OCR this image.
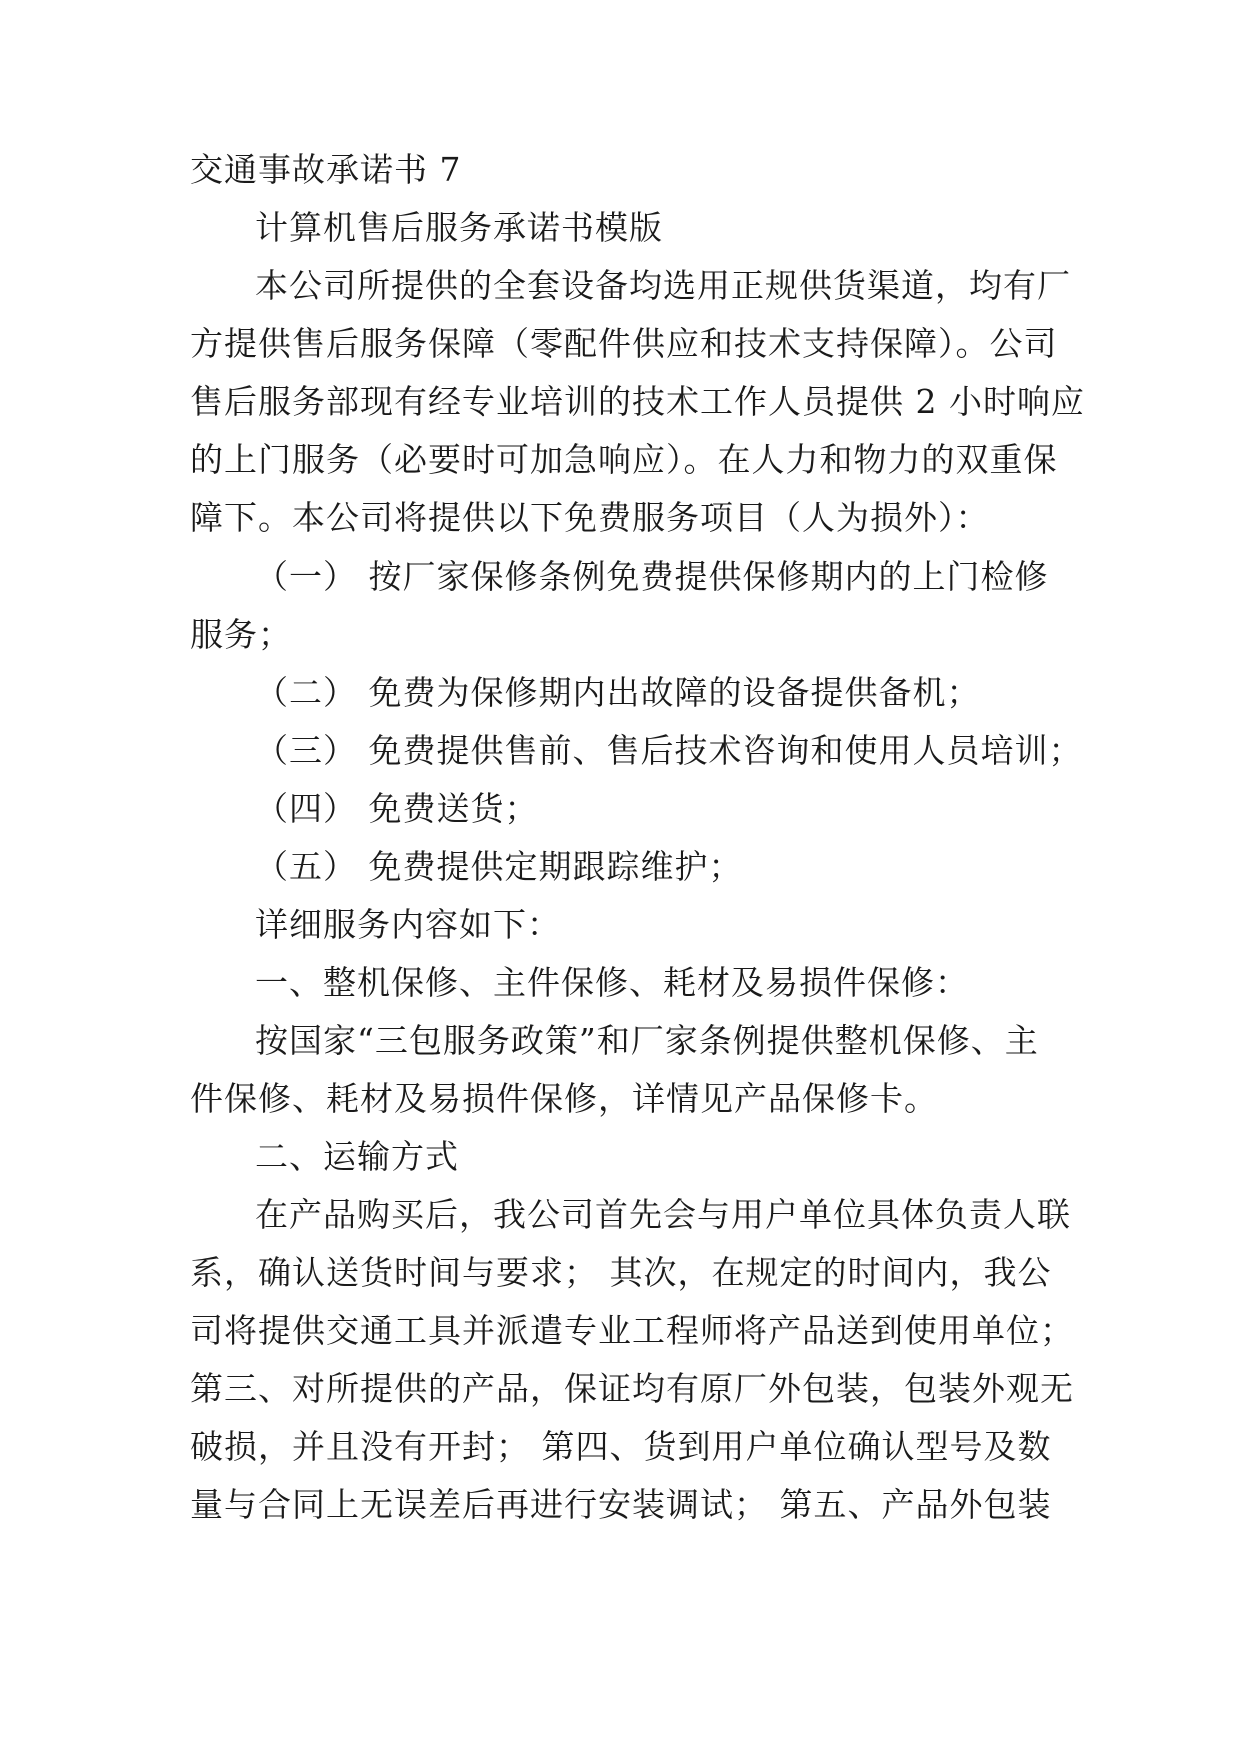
交通事故承诺书 7
计算机售后服务承诺书模版
本公司所提供的全套设备均选用正规供货渠道，均有厂
方提供售后服务保障（零配件供应和技术支持保障）。公司
售后服务部现有经专业培训的技术工作人员提供 2 小时响应
的上门服务（必要时可加急响应）。在人力和物力的双重保
障下。本公司将提供以下免费服务项目（人为损外）：
（一） 按厂家保修条例免费提供保修期内的上门检修
服务；
（二） 免费为保修期内出故障的设备提供备机；
（三） 免费提供售前、售后技术咨询和使用人员培训；
（四） 免费送货；
（五） 免费提供定期跟踪维护；
详细服务内容如下：
一、整机保修、主件保修、耗材及易损件保修：
按国家“三包服务政策”和厂家条例提供整机保修、主
件保修、耗材及易损件保修，详情见产品保修卡。
二、运输方式
在产品购买后，我公司首先会与用户单位具体负责人联
系，确认送货时间与要求； 其次，在规定的时间内，我公
司将提供交通工具并派遣专业工程师将产品送到使用单位；
第三、对所提供的产品，保证均有原厂外包装，包装外观无
破损，并且没有开封； 第四、货到用户单位确认型号及数
量与合同上无误差后再进行安装调试； 第五、产品外包装
